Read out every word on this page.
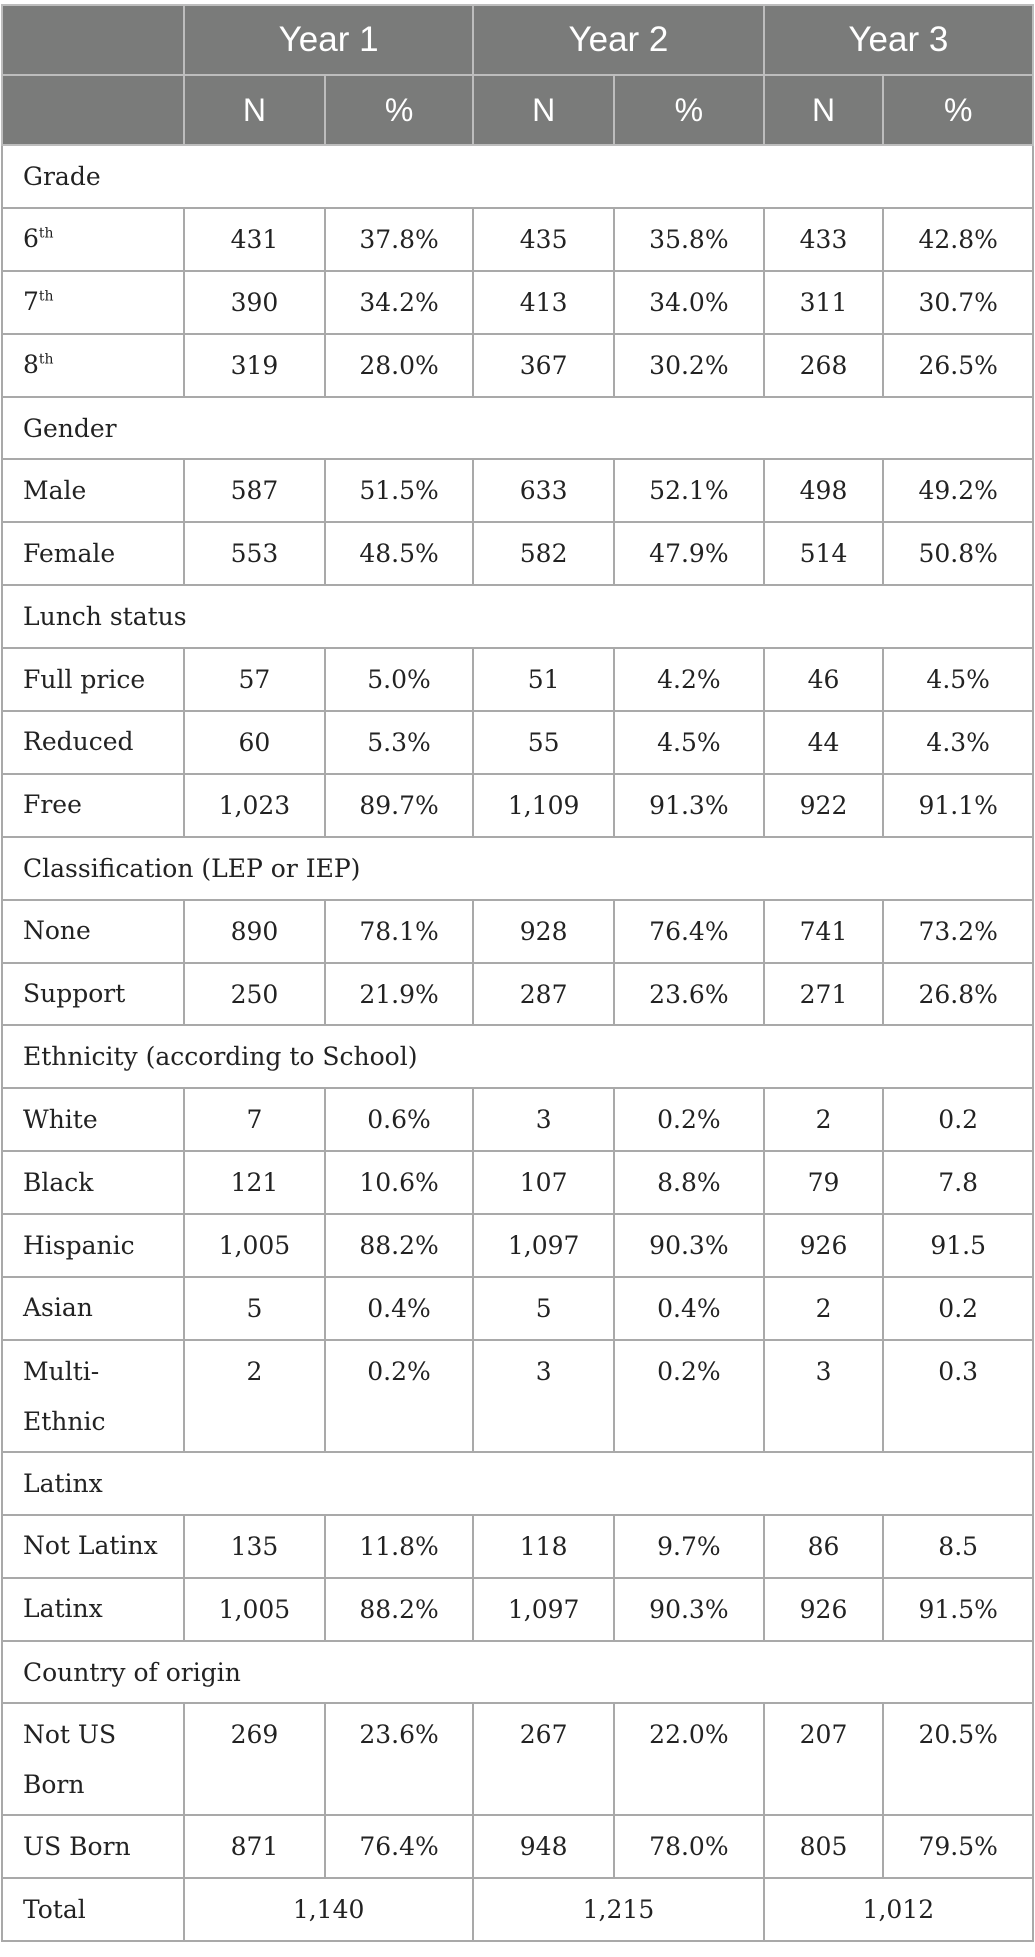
	Year 1		Year 2		Year 3	
	N	%	N	%	N	%
Grade						
6th	431	37.8%	435	35.8%	433	42.8%
7th	390	34.2%	413	34.0%	311	30.7%
8th	319	28.0%	367	30.2%	268	26.5%
Gender						
Male	587	51.5%	633	52.1%	498	49.2%
Female	553	48.5%	582	47.9%	514	50.8%
Lunch status						
Full price	57	5.0%	51	4.2%	46	4.5%
Reduced	60	5.3%	55	4.5%	44	4.3%
Free	1,023	89.7%	1,109	91.3%	922	91.1%
Classification (LEP or IEP)						
None	890	78.1%	928	76.4%	741	73.2%
Support	250	21.9%	287	23.6%	271	26.8%
Ethnicity (according to School)						
White	7	0.6%	3	0.2%	2	0.2
Black	121	10.6%	107	8.8%	79	7.8
Hispanic	1,005	88.2%	1,097	90.3%	926	91.5
Asian	5	0.4%	5	0.4%	2	0.2
Multi-
Ethnic	2	0.2%	3	0.2%	3	0.3
Latinx						
Not Latinx	135	11.8%	118	9.7%	86	8.5
Latinx	1,005	88.2%	1,097	90.3%	926	91.5%
Country of origin						
Not US
Born	269	23.6%	267	22.0%	207	20.5%
US Born	871	76.4%	948	78.0%	805	79.5%
Total	1,140		1,215		1,012	
